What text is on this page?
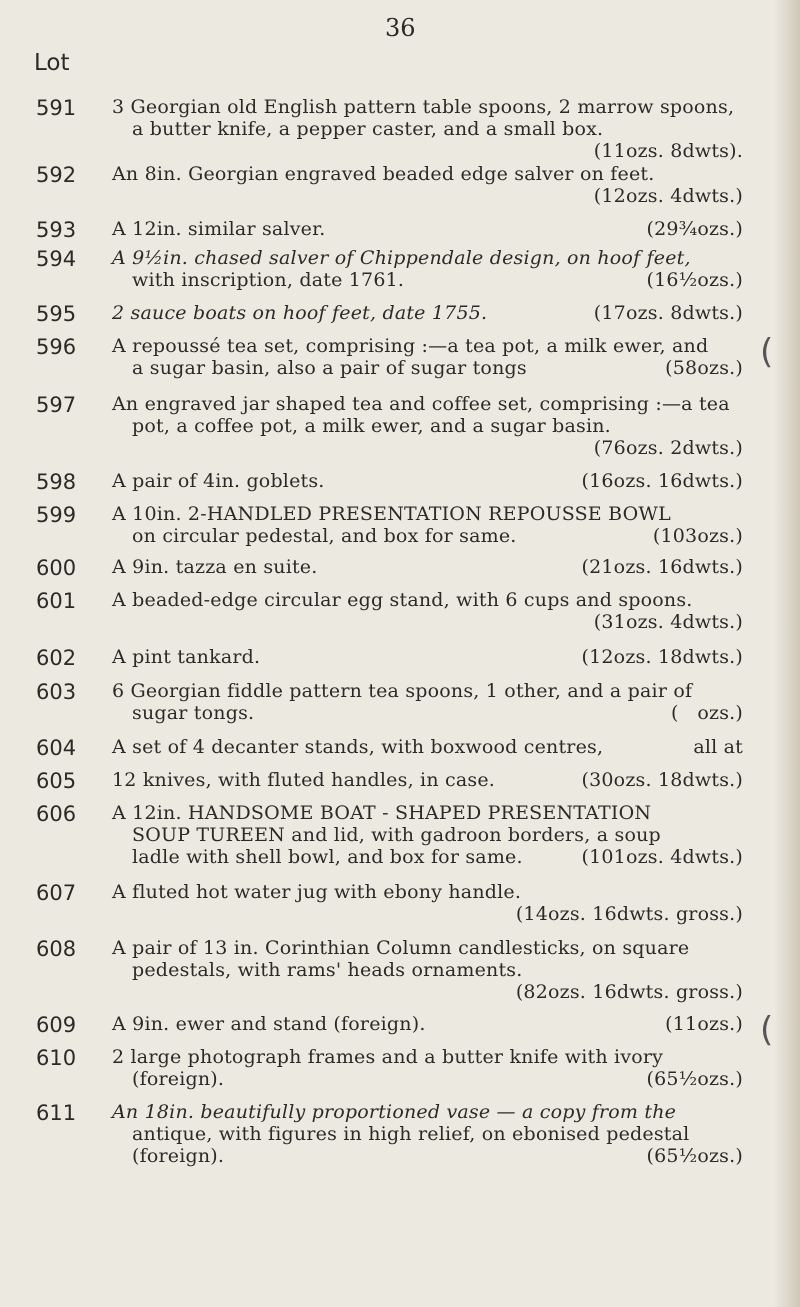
36
Lot
591 3 Georgian old English pattern table spoons, 2 marrow spoons,
a butter knife, a pepper caster, and a small box.
(11ozs. 8dwts).
592 An 8in. Georgian engraved beaded edge salver on feet.
(12ozs. 4dwts.)
593 A 12in. similar salver.	(29¾ozs.)
594 A 9½in. chased salver of Chippendale design, on hoof feet,
with inscription, date 1761.	(16½ozs.)
595 2 sauce boats on hoof feet, date 1755.	(17ozs. 8dwts.)
596 A repoussé tea set, comprising :—a tea pot, a milk ewer, and
a sugar basin, also a pair of sugar tongs	(58ozs.)
597 An engraved jar shaped tea and coffee set, comprising :—a tea
pot, a coffee pot, a milk ewer, and a sugar basin.
(76ozs. 2dwts.)
598 A pair of 4in. goblets.	(16ozs. 16dwts.)
599 A 10in. 2-HANDLED PRESENTATION REPOUSSE BOWL
on circular pedestal, and box for same.	(103ozs.)
600 A 9in. tazza en suite.	(21ozs. 16dwts.)
601 A beaded-edge circular egg stand, with 6 cups and spoons.
(31ozs. 4dwts.)
602 A pint tankard.	(12ozs. 18dwts.)
603 6 Georgian fiddle pattern tea spoons, 1 other, and a pair of
sugar tongs.	(   ozs.)
604 A set of 4 decanter stands, with boxwood centres,	all at
605 12 knives, with fluted handles, in case.	(30ozs. 18dwts.)
606 A 12in. HANDSOME BOAT - SHAPED PRESENTATION
SOUP TUREEN and lid, with gadroon borders, a soup
ladle with shell bowl, and box for same.	(101ozs. 4dwts.)
607 A fluted hot water jug with ebony handle.
(14ozs. 16dwts. gross.)
608 A pair of 13 in. Corinthian Column candlesticks, on square
pedestals, with rams' heads ornaments.
(82ozs. 16dwts. gross.)
609 A 9in. ewer and stand (foreign).	(11ozs.)
610 2 large photograph frames and a butter knife with ivory
(foreign).	(65½ozs.)
611 An 18in. beautifully proportioned vase — a copy from the
antique, with figures in high relief, on ebonised pedestal
(foreign).	(65½ozs.)
(
(
